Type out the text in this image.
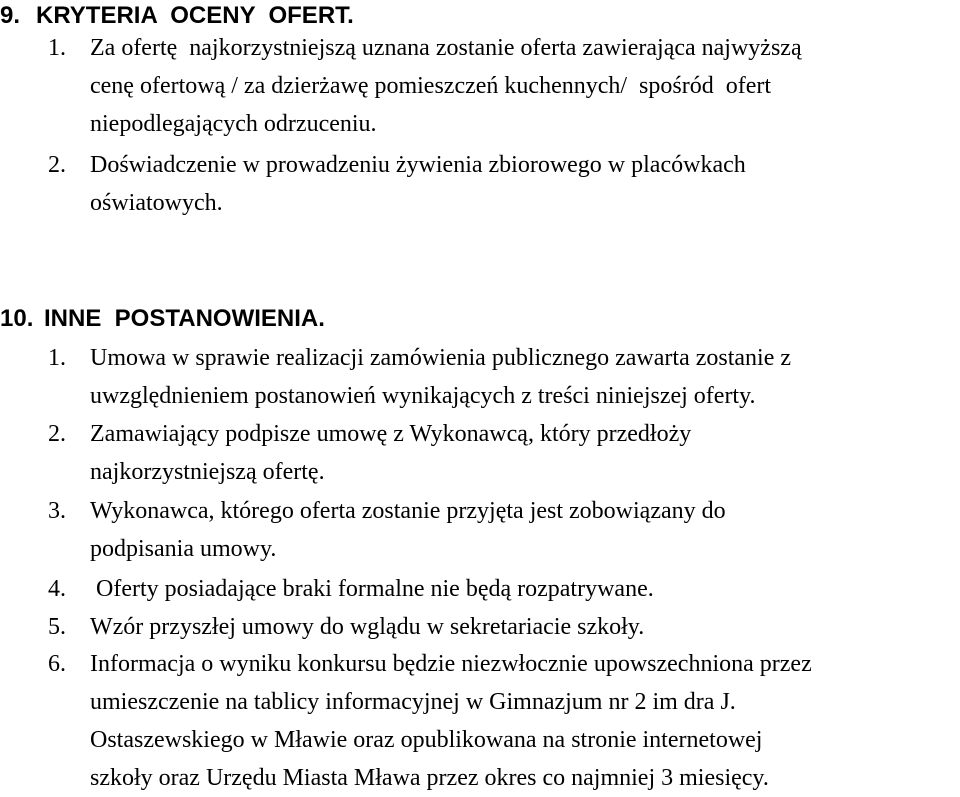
9. KRYTERIA  OCENY  OFERT.
1.	Za ofertę  najkorzystniejszą uznana zostanie oferta zawierająca najwyższą
cenę ofertową / za dzierżawę pomieszczeń kuchennych/  spośród  ofert
niepodlegających odrzuceniu.
2.	Doświadczenie w prowadzeniu żywienia zbiorowego w placówkach
oświatowych.
10. INNE  POSTANOWIENIA.
1.	Umowa w sprawie realizacji zamówienia publicznego zawarta zostanie z
uwzględnieniem postanowień wynikających z treści niniejszej oferty.
2.	Zamawiający podpisze umowę z Wykonawcą, który przedłoży
najkorzystniejszą ofertę.
3.	Wykonawca, którego oferta zostanie przyjęta jest zobowiązany do
podpisania umowy.
4.	Oferty posiadające braki formalne nie będą rozpatrywane.
5.	Wzór przyszłej umowy do wglądu w sekretariacie szkoły.
6.	Informacja o wyniku konkursu będzie niezwłocznie upowszechniona przez
umieszczenie na tablicy informacyjnej w Gimnazjum nr 2 im dra J.
Ostaszewskiego w Mławie oraz opublikowana na stronie internetowej
szkoły oraz Urzędu Miasta Mława przez okres co najmniej 3 miesięcy.
